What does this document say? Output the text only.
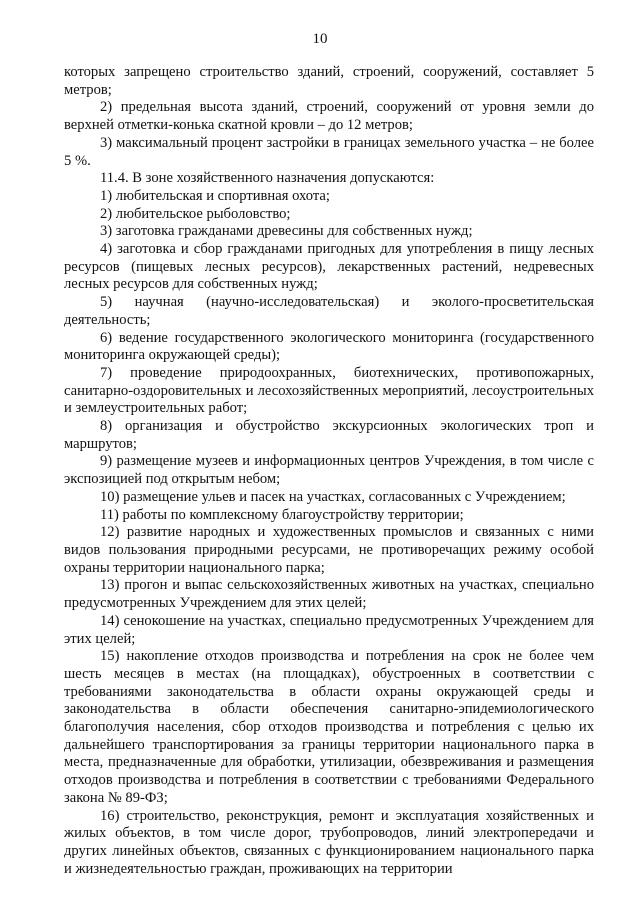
10

которых запрещено строительство зданий, строений, сооружений, составляет 5 метров;

2) предельная высота зданий, строений, сооружений от уровня земли до верхней отметки-конька скатной кровли – до 12 метров;

3) максимальный процент застройки в границах земельного участка – не более 5 %.

11.4. В зоне хозяйственного назначения допускаются:

1) любительская и спортивная охота;

2) любительское рыболовство;

3) заготовка гражданами древесины для собственных нужд;

4) заготовка и сбор гражданами пригодных для употребления в пищу лесных ресурсов (пищевых лесных ресурсов), лекарственных растений, недревесных лесных ресурсов для собственных нужд;

5) научная (научно-исследовательская) и эколого-просветительская деятельность;

6) ведение государственного экологического мониторинга (государственного мониторинга окружающей среды);

7) проведение природоохранных, биотехнических, противопожарных, санитарно-оздоровительных и лесохозяйственных мероприятий, лесоустроительных и землеустроительных работ;

8) организация и обустройство экскурсионных экологических троп и маршрутов;

9) размещение музеев и информационных центров Учреждения, в том числе с экспозицией под открытым небом;

10) размещение ульев и пасек на участках, согласованных с Учреждением;

11) работы по комплексному благоустройству территории;

12) развитие народных и художественных промыслов и связанных с ними видов пользования природными ресурсами, не противоречащих режиму особой охраны территории национального парка;

13) прогон и выпас сельскохозяйственных животных на участках, специально предусмотренных Учреждением для этих целей;

14) сенокошение на участках, специально предусмотренных Учреждением для этих целей;

15) накопление отходов производства и потребления на срок не более чем шесть месяцев в местах (на площадках), обустроенных в соответствии с требованиями законодательства в области охраны окружающей среды и законодательства в области обеспечения санитарно-эпидемиологического благополучия населения, сбор отходов производства и потребления с целью их дальнейшего транспортирования за границы территории национального парка в места, предназначенные для обработки, утилизации, обезвреживания и размещения отходов производства и потребления в соответствии с требованиями Федерального закона № 89-ФЗ;

16) строительство, реконструкция, ремонт и эксплуатация хозяйственных и жилых объектов, в том числе дорог, трубопроводов, линий электропередачи и других линейных объектов, связанных с функционированием национального парка и жизнедеятельностью граждан, проживающих на территории
